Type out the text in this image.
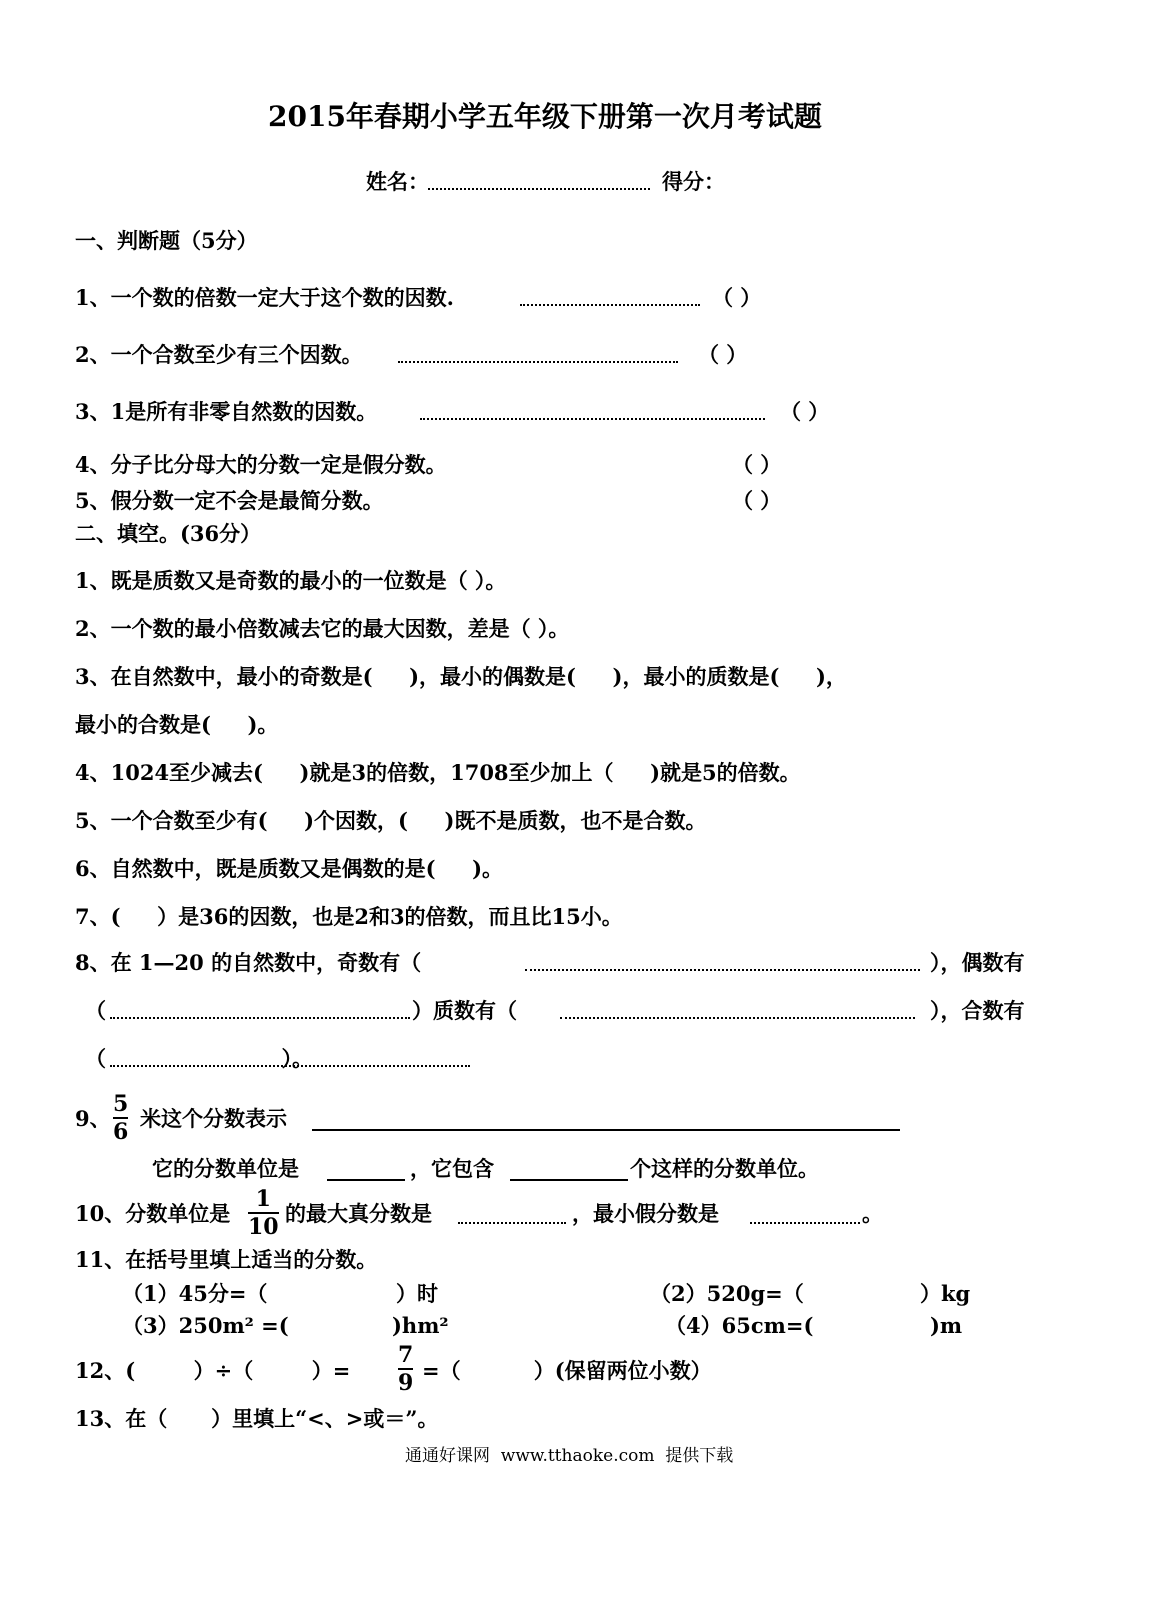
2015年春期小学五年级下册第一次月考试题
姓名：	得分：
一、判断题（5分）
1、一个数的倍数一定大于这个数的因数.	（ ）
2、一个合数至少有三个因数。	（ ）
3、1是所有非零自然数的因数。	（ ）
4、分子比分母大的分数一定是假分数。	（ ）
5、假分数一定不会是最简分数。	（ ）
二、填空。(36分）
1、既是质数又是奇数的最小的一位数是（ ）。
2、一个数的最小倍数减去它的最大因数，差是（ ）。
3、在自然数中，最小的奇数是(     )，最小的偶数是(     )，最小的质数是(     )，
最小的合数是(     )。
4、1024至少减去(     )就是3的倍数，1708至少加上（     )就是5的倍数。
5、一个合数至少有(     )个因数，(     )既不是质数，也不是合数。
6、自然数中，既是质数又是偶数的是(     )。
7、(     ）是36的因数，也是2和3的倍数，而且比15小。
8、在 1—20 的自然数中，奇数有（	），偶数有
（	）质数有（	），合数有
（                        ）。
9、
5
6
米这个分数表示
它的分数单位是	，它包含	个这样的分数单位。
10、分数单位是
1
10
的最大真分数是	，最小假分数是	。
11、在括号里填上适当的分数。
（1）45分=（	）时	（2）520g=（	）kg
（3）250m² =(	)hm²	（4）65cm=(	)m
12、(        ）÷（        ）=
7
9 =（          ）(保留两位小数）
13、在（      ）里填上“<、>或＝”。
通通好课网  www.tthaoke.com  提供下载
